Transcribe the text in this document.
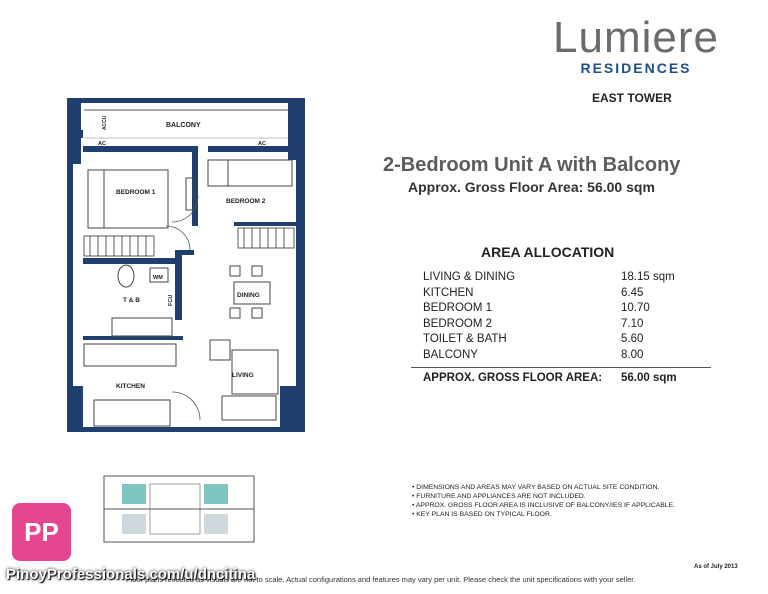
BALCONY
BEDROOM 1
BEDROOM 2
T & B
DINING
LIVING
KITCHEN
WM
FCU
AC	AC
ACCU
Lumiere
RESIDENCES
EAST TOWER
2-Bedroom Unit A with Balcony
Approx. Gross Floor Area: 56.00 sqm
AREA ALLOCATION
LIVING & DINING	18.15 sqm
KITCHEN	6.45
BEDROOM 1	10.70
BEDROOM 2	7.10
TOILET & BATH	5.60
BALCONY	8.00
APPROX. GROSS FLOOR AREA:	56.00 sqm
• DIMENSIONS AND AREAS MAY VARY BASED ON ACTUAL SITE CONDITION.
• FURNITURE AND APPLIANCES ARE NOT INCLUDED.
• APPROX. GROSS FLOOR AREA IS INCLUSIVE OF BALCONY/IES IF APPLICABLE.
• KEY PLAN IS BASED ON TYPICAL FLOOR.
As of July 2013
Floor plans reflected as visuals are not to scale. Actual configurations and features may vary per unit. Please check the unit specifications with your seller.
PP
PinoyProfessionals.com/u/dncitina
